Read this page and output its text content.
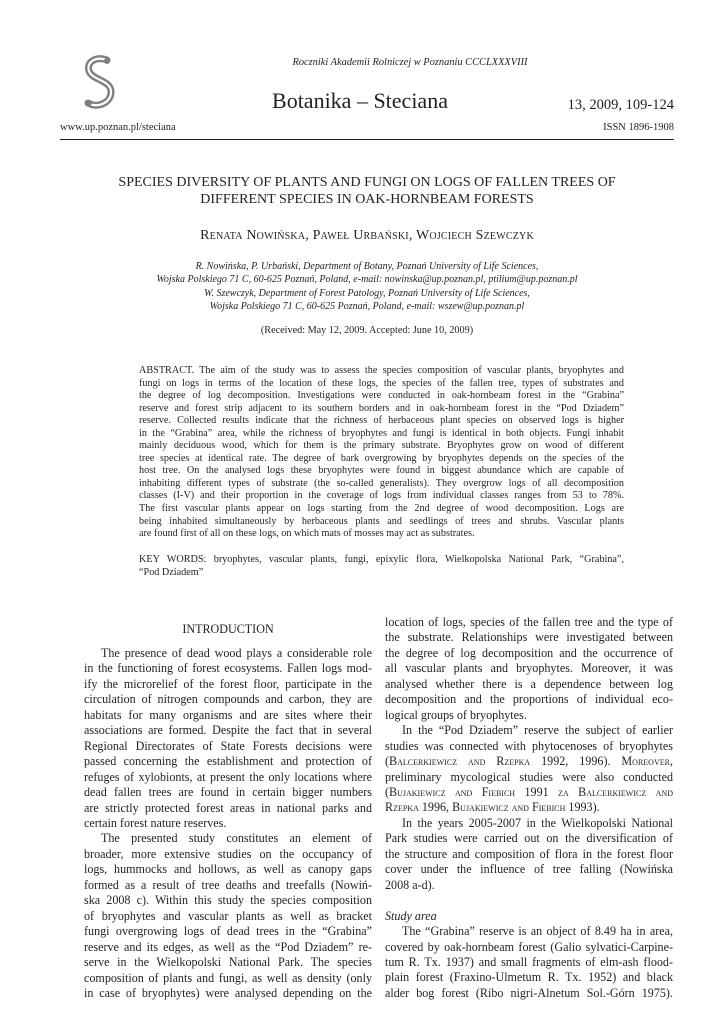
Roczniki Akademii Rolniczej w Poznaniu CCCLXXXVIII
Botanika – Steciana	13, 2009, 109-124
www.up.poznan.pl/steciana	ISSN 1896-1908
SPECIES DIVERSITY OF PLANTS AND FUNGI ON LOGS OF FALLEN TREES OF
DIFFERENT SPECIES IN OAK-HORNBEAM FORESTS
Renata Nowińska, Paweł Urbański, Wojciech Szewczyk
R. Nowińska, P. Urbański, Department of Botany, Poznań University of Life Sciences,
Wojska Polskiego 71 C, 60-625 Poznań, Poland, e-mail: nowinska@up.poznan.pl, ptilium@up.poznan.pl
W. Szewczyk, Department of Forest Patology, Poznań University of Life Sciences,
Wojska Polskiego 71 C, 60-625 Poznań, Poland, e-mail: wszew@up.poznan.pl
(Received: May 12, 2009. Accepted: June 10, 2009)
ABSTRACT. The aim of the study was to assess the species composition of vascular plants, bryophytes and
fungi on logs in terms of the location of these logs, the species of the fallen tree, types of substrates and
the degree of log decomposition. Investigations were conducted in oak-hornbeam forest in the “Grabina”
reserve and forest strip adjacent to its southern borders and in oak-hornbeam forest in the “Pod Dziadem”
reserve. Collected results indicate that the richness of herbaceous plant species on observed logs is higher
in the “Grabina” area, while the richness of bryophytes and fungi is identical in both objects. Fungi inhabit
mainly deciduous wood, which for them is the primary substrate. Bryophytes grow on wood of different
tree species at identical rate. The degree of bark overgrowing by bryophytes depends on the species of the
host tree. On the analysed logs these bryophytes were found in biggest abundance which are capable of
inhabiting different types of substrate (the so-called generalists). They overgrow logs of all decomposition
classes (I-V) and their proportion in the coverage of logs from individual classes ranges from 53 to 78%.
The first vascular plants appear on logs starting from the 2nd degree of wood decomposition. Logs are
being inhabited simultaneously by herbaceous plants and seedlings of trees and shrubs. Vascular plants
are found first of all on these logs, on which mats of mosses may act as substrates.
KEY WORDS: bryophytes, vascular plants, fungi, epixylic flora, Wielkopolska National Park, “Grabina”,
“Pod Dziadem”
INTRODUCTION
The presence of dead wood plays a considerable role
in the functioning of forest ecosystems. Fallen logs mod-
ify the microrelief of the forest floor, participate in the
circulation of nitrogen compounds and carbon, they are
habitats for many organisms and are sites where their
associations are formed. Despite the fact that in several
Regional Directorates of State Forests decisions were
passed concerning the establishment and protection of
refuges of xylobionts, at present the only locations where
dead fallen trees are found in certain bigger numbers
are strictly protected forest areas in national parks and
certain forest nature reserves.
The presented study constitutes an element of
broader, more extensive studies on the occupancy of
logs, hummocks and hollows, as well as canopy gaps
formed as a result of tree deaths and treefalls (Nowiń-
ska 2008 c). Within this study the species composition
of bryophytes and vascular plants as well as bracket
fungi overgrowing logs of dead trees in the “Grabina”
reserve and its edges, as well as the “Pod Dziadem” re-
serve in the Wielkopolski National Park. The species
composition of plants and fungi, as well as density (only
in case of bryophytes) were analysed depending on the
location of logs, species of the fallen tree and the type of
the substrate. Relationships were investigated between
the degree of log decomposition and the occurrence of
all vascular plants and bryophytes. Moreover, it was
analysed whether there is a dependence between log
decomposition and the proportions of individual eco-
logical groups of bryophytes.
In the “Pod Dziadem” reserve the subject of earlier
studies was connected with phytocenoses of bryophytes
(Balcerkiewicz and Rzepka 1992, 1996). Moreover,
preliminary mycological studies were also conducted
(Bujakiewicz and Fiebich 1991 za Balcerkiewicz and
Rzepka 1996, Bujakiewicz and Fiebich 1993).
In the years 2005-2007 in the Wielkopolski National
Park studies were carried out on the diversification of
the structure and composition of flora in the forest floor
cover under the influence of tree falling (Nowińska
2008 a-d).

Study area
The “Grabina” reserve is an object of 8.49 ha in area,
covered by oak-hornbeam forest (Galio sylvatici-Carpine-
tum R. Tx. 1937) and small fragments of elm-ash flood-
plain forest (Fraxino-Ulmetum R. Tx. 1952) and black
alder bog forest (Ribo nigri-Alnetum Sol.-Górn 1975).
